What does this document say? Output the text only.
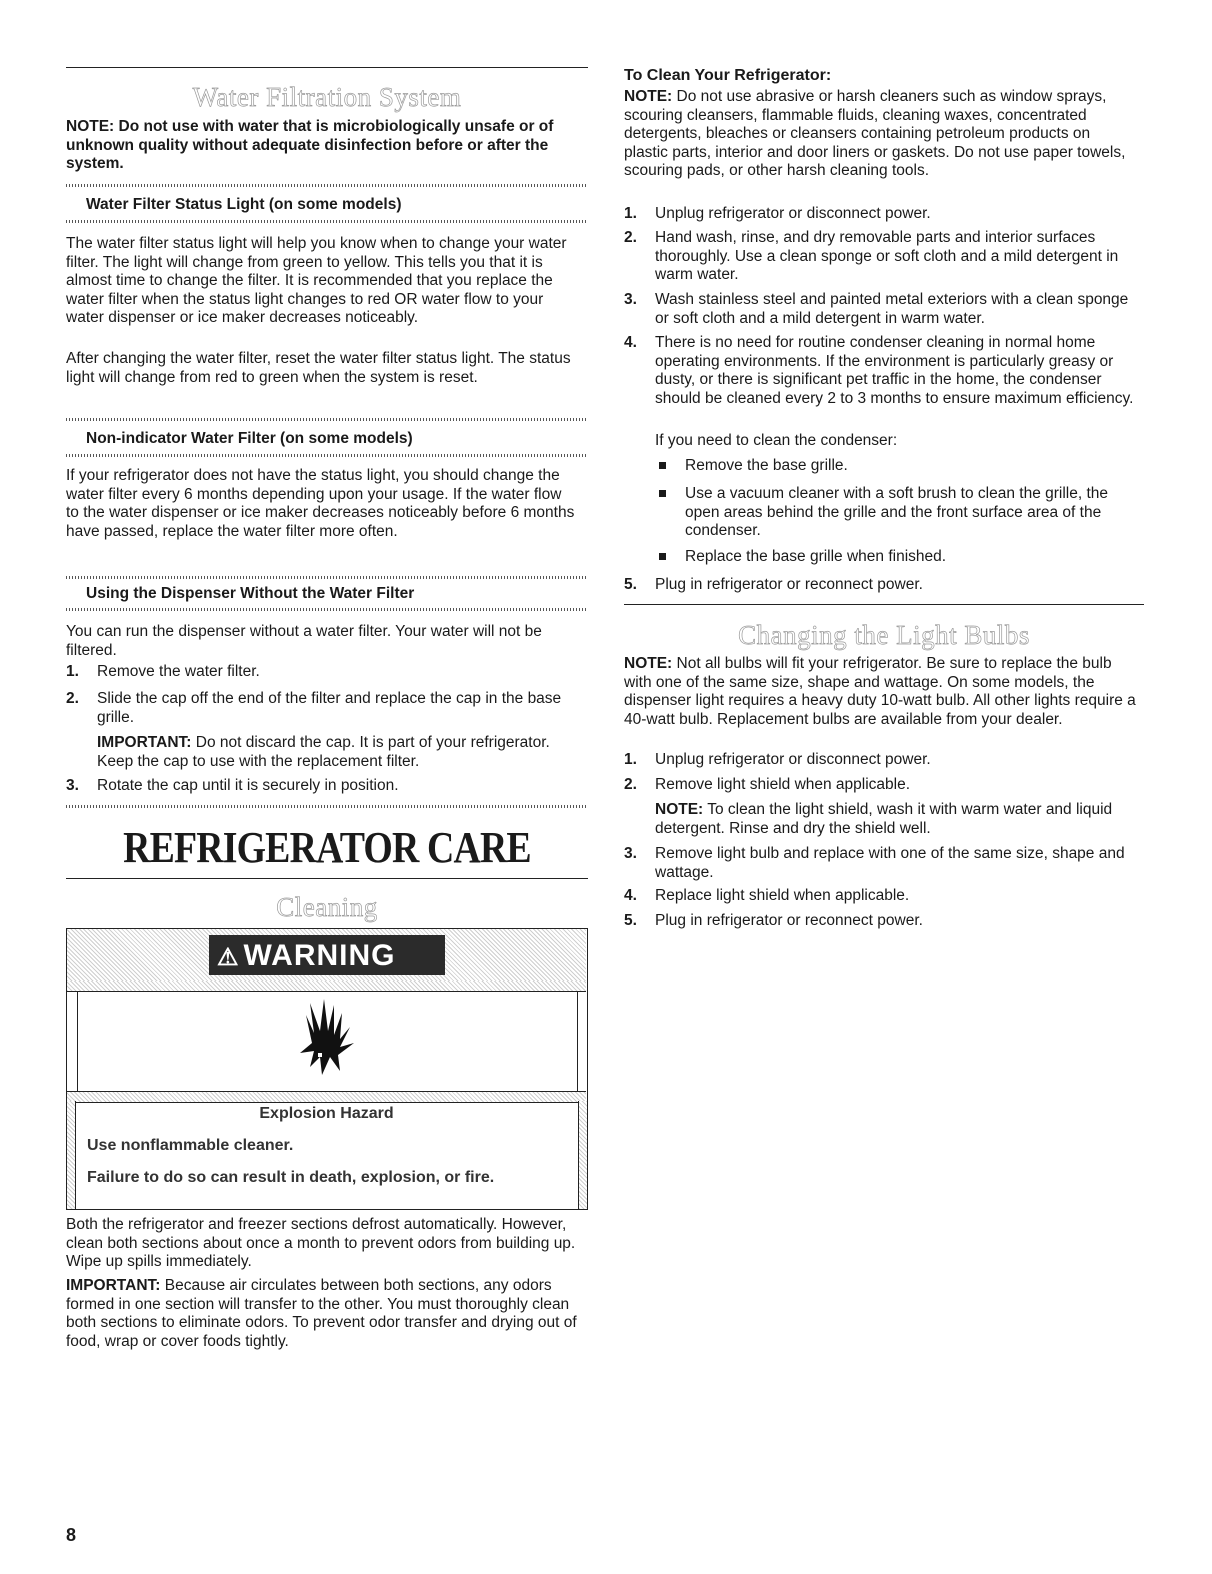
Water Filtration System

NOTE: Do not use with water that is microbiologically unsafe or of unknown quality without adequate disinfection before or after the system.

Water Filter Status Light (on some models)

The water filter status light will help you know when to change your water filter. The light will change from green to yellow. This tells you that it is almost time to change the filter. It is recommended that you replace the water filter when the status light changes to red OR water flow to your water dispenser or ice maker decreases noticeably.

After changing the water filter, reset the water filter status light. The status light will change from red to green when the system is reset.

Non-indicator Water Filter (on some models)

If your refrigerator does not have the status light, you should change the water filter every 6 months depending upon your usage. If the water flow to the water dispenser or ice maker decreases noticeably before 6 months have passed, replace the water filter more often.

Using the Dispenser Without the Water Filter

You can run the dispenser without a water filter. Your water will not be filtered.

1. Remove the water filter.

2. Slide the cap off the end of the filter and replace the cap in the base grille.

IMPORTANT: Do not discard the cap. It is part of your refrigerator. Keep the cap to use with the replacement filter.

3. Rotate the cap until it is securely in position.

REFRIGERATOR CARE
Cleaning
⚠ WARNING
Explosion Hazard
Use nonflammable cleaner.
Failure to do so can result in death, explosion, or fire.

Both the refrigerator and freezer sections defrost automatically. However, clean both sections about once a month to prevent odors from building up. Wipe up spills immediately.

IMPORTANT: Because air circulates between both sections, any odors formed in one section will transfer to the other. You must thoroughly clean both sections to eliminate odors. To prevent odor transfer and drying out of food, wrap or cover foods tightly.

8
To Clean Your Refrigerator:

NOTE: Do not use abrasive or harsh cleaners such as window sprays, scouring cleansers, flammable fluids, cleaning waxes, concentrated detergents, bleaches or cleansers containing petroleum products on plastic parts, interior and door liners or gaskets. Do not use paper towels, scouring pads, or other harsh cleaning tools.

1. Unplug refrigerator or disconnect power.

2. Hand wash, rinse, and dry removable parts and interior surfaces thoroughly. Use a clean sponge or soft cloth and a mild detergent in warm water.

3. Wash stainless steel and painted metal exteriors with a clean sponge or soft cloth and a mild detergent in warm water.

4. There is no need for routine condenser cleaning in normal home operating environments. If the environment is particularly greasy or dusty, or there is significant pet traffic in the home, the condenser should be cleaned every 2 to 3 months to ensure maximum efficiency.

If you need to clean the condenser:

Remove the base grille.

Use a vacuum cleaner with a soft brush to clean the grille, the open areas behind the grille and the front surface area of the condenser.

Replace the base grille when finished.

5. Plug in refrigerator or reconnect power.

Changing the Light Bulbs

NOTE: Not all bulbs will fit your refrigerator. Be sure to replace the bulb with one of the same size, shape and wattage. On some models, the dispenser light requires a heavy duty 10-watt bulb. All other lights require a 40-watt bulb. Replacement bulbs are available from your dealer.

1. Unplug refrigerator or disconnect power.

2. Remove light shield when applicable.

NOTE: To clean the light shield, wash it with warm water and liquid detergent. Rinse and dry the shield well.

3. Remove light bulb and replace with one of the same size, shape and wattage.

4. Replace light shield when applicable.

5. Plug in refrigerator or reconnect power.
